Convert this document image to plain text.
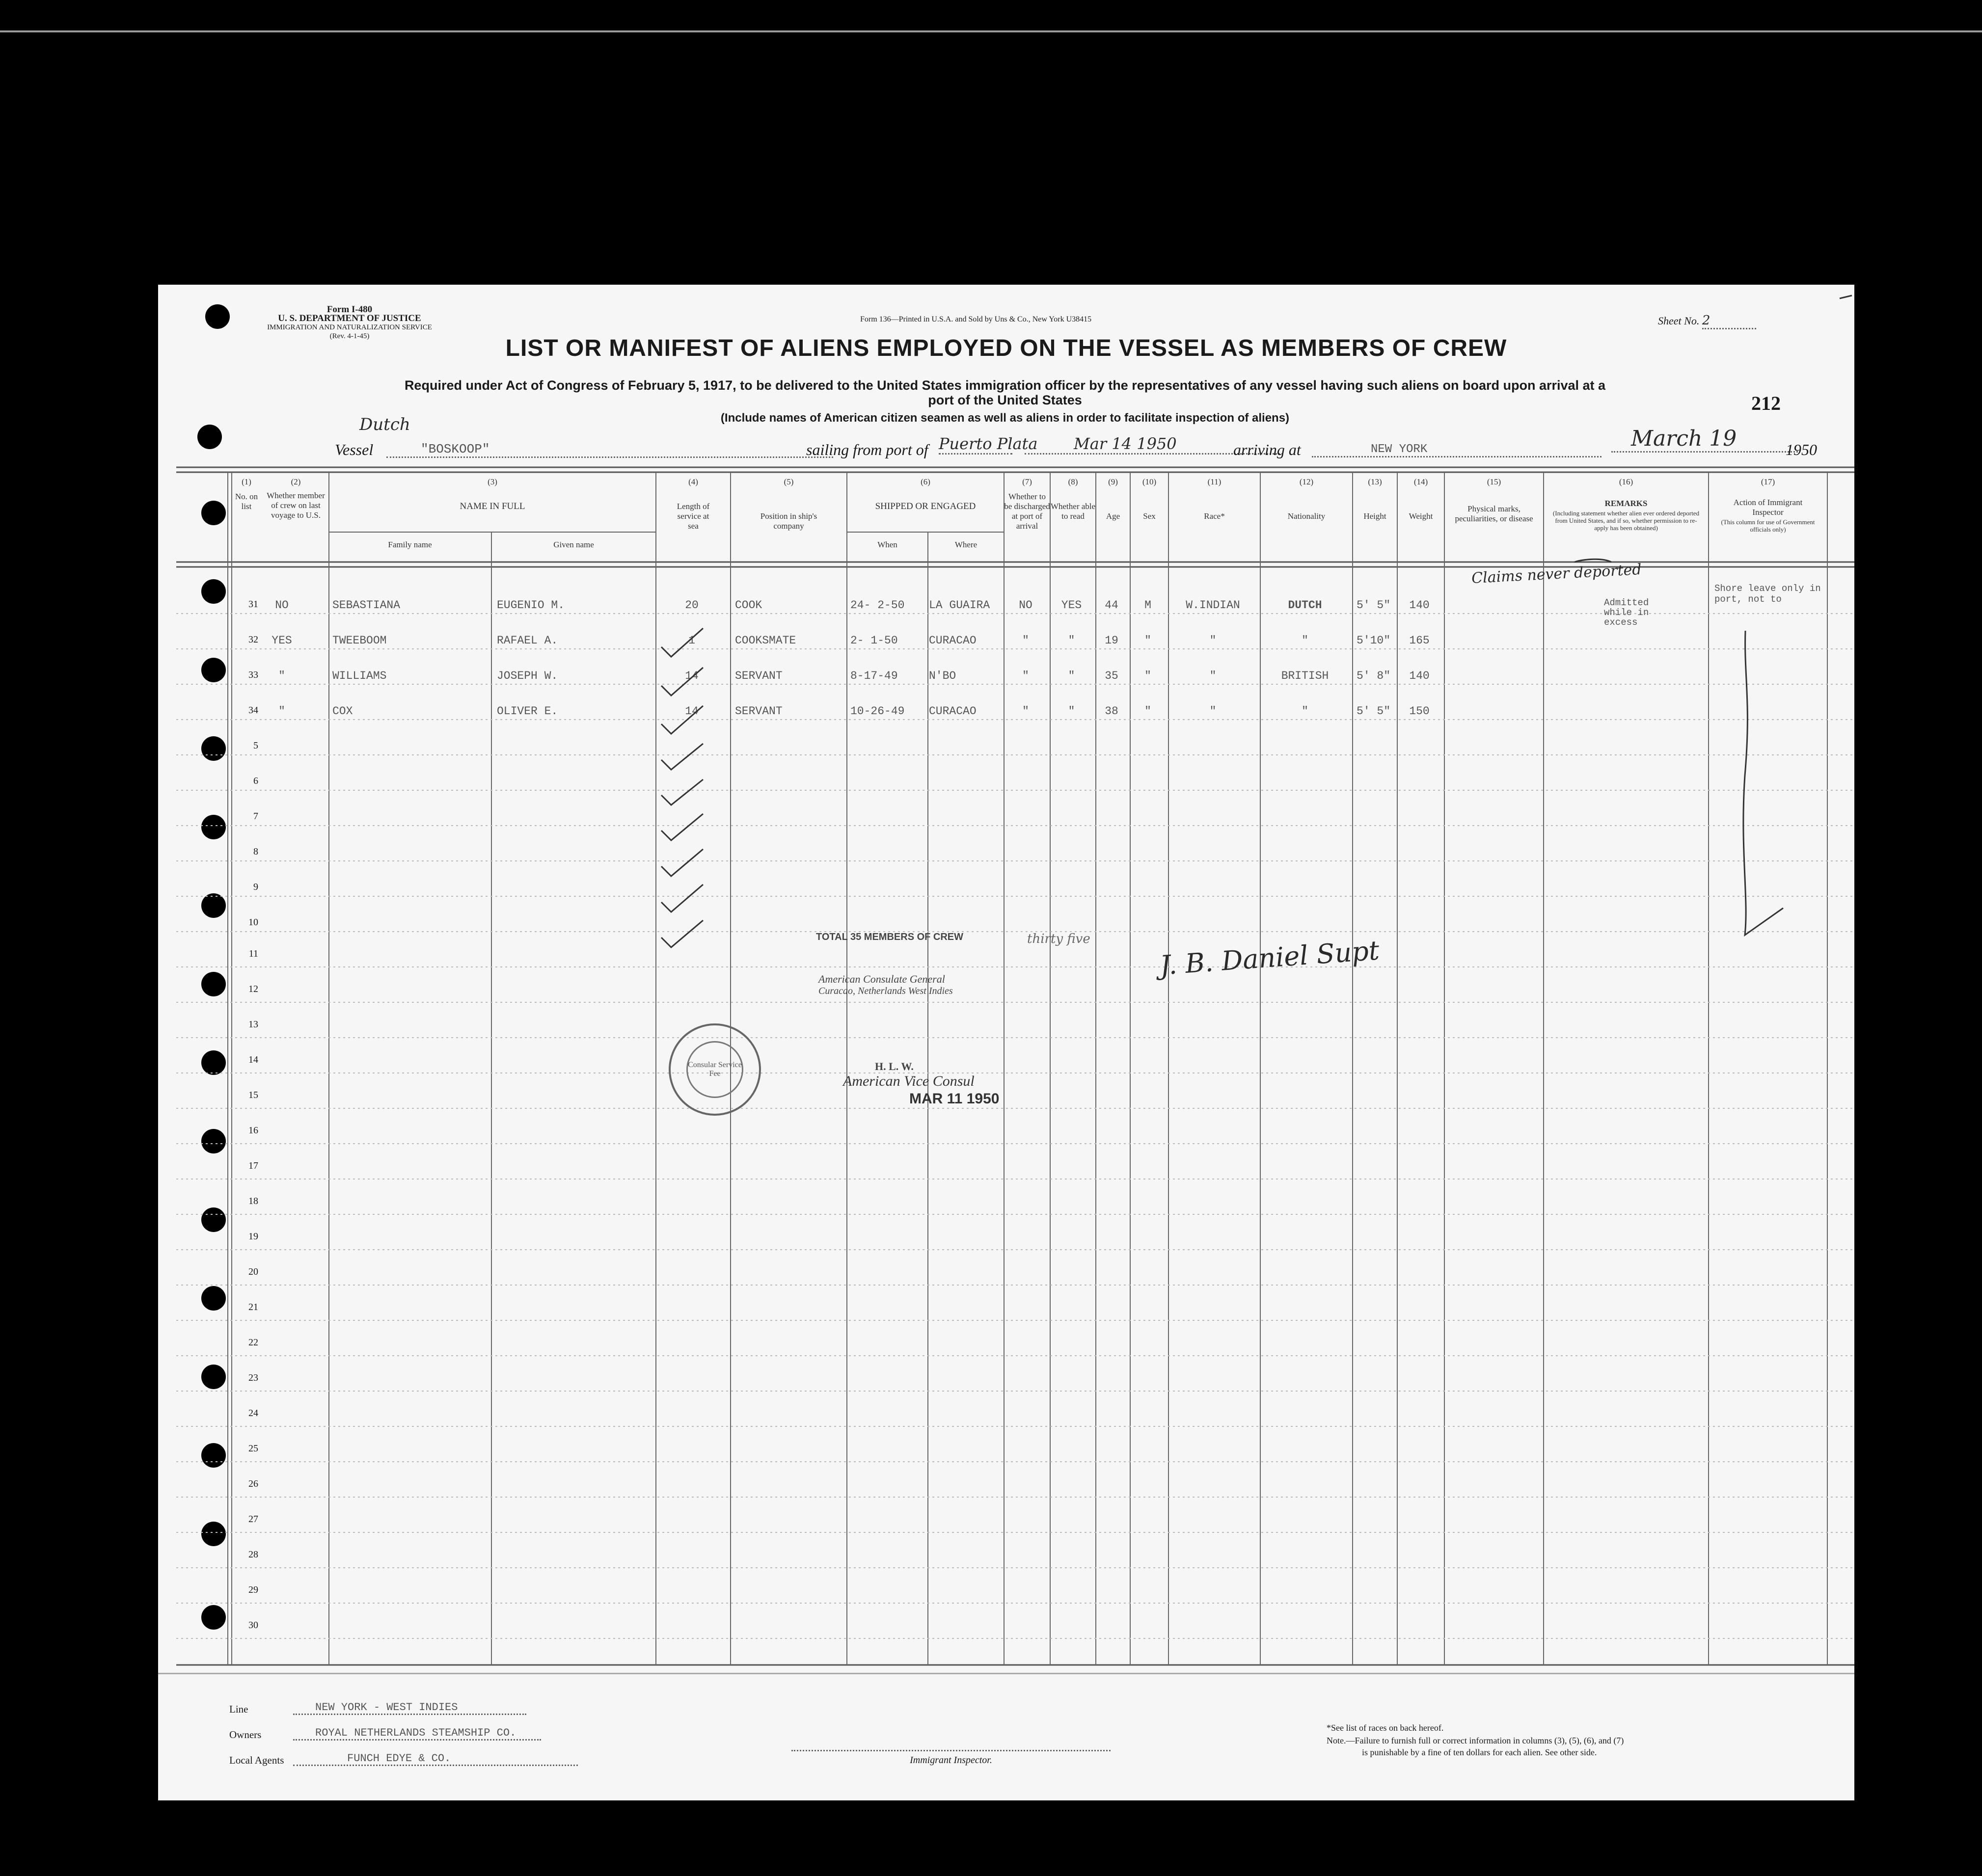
Form I-480
U. S. DEPARTMENT OF JUSTICE
IMMIGRATION AND NATURALIZATION SERVICE
(Rev. 4-1-45)
Form 136—Printed in U.S.A. and Sold by Uns & Co., New York U38415	Sheet No. 2
LIST OR MANIFEST OF ALIENS EMPLOYED ON THE VESSEL AS MEMBERS OF CREW
Required under Act of Congress of February 5, 1917, to be delivered to the United States immigration officer by the representatives of any vessel having such aliens on board upon arrival at a
port of the United States
(Include names of American citizen seamen as well as aliens in order to facilitate inspection of aliens)
212
Dutch
Vessel	"BOSKOOP"	sailing from port of Puerto Plata	Mar 14 1950	arriving at	NEW YORK	March 19	1950
(1)
No. on list
(2)
Whether member of crew on last voyage to U.S.
(3)
NAME IN FULL
Family name	Given name
(4)
Length of service at sea
(5)
Position in ship's company
(6)
SHIPPED OR ENGAGED
When	Where
(7)
Whether to be discharged at port of arrival
(8)
Whether able to read
(9)
Age
(10)
Sex
(11)
Race*
(12)
Nationality
(13)
Height
(14)
Weight
(15)
Physical marks, peculiarities, or disease
(16)
REMARKS
(Including statement whether alien ever ordered deported from United States, and if so, whether permission to re-apply has been obtained)
(17)
Action of Immigrant Inspector
(This column for use of Government officials only)
31	NO	SEBASTIANA	EUGENIO M.	20	COOK	24- 2-50	LA GUAIRA	NO	YES	44	M	W.INDIAN	DUTCH	5' 5"	140
32	YES	TWEEBOOM	RAFAEL A.	1	COOKSMATE	2- 1-50	CURACAO	"	"	19	"	"	"	5'10"	165
33	"	WILLIAMS	JOSEPH W.	14	SERVANT	8-17-49	N'BO	"	"	35	"	"	BRITISH	5' 8"	140
34	"	COX	OLIVER E.	14	SERVANT	10-26-49	CURACAO	"	"	38	"	"	"	5' 5"	150
5
6
7
8
9
10
11
12
13
14
15
16
17
18
19
20
21
22
23
24
25
26
27
28
29
30
Claims never deported
Admitted while in excess
Shore leave only in port, not to
TOTAL 35 MEMBERS OF CREW	thirty five	J. B. Daniel Supt
American Consulate General
Curacao, Netherlands West Indies
H. L. W.
American Vice Consul
MAR 11 1950
Consular Service Fee
Line	NEW YORK - WEST INDIES
Owners	ROYAL NETHERLANDS STEAMSHIP CO.
Local Agents	FUNCH EDYE & CO.	Immigrant Inspector.
*See list of races on back hereof.
Note.—Failure to furnish full or correct information in columns (3), (5), (6), and (7)
is punishable by a fine of ten dollars for each alien. See other side.
